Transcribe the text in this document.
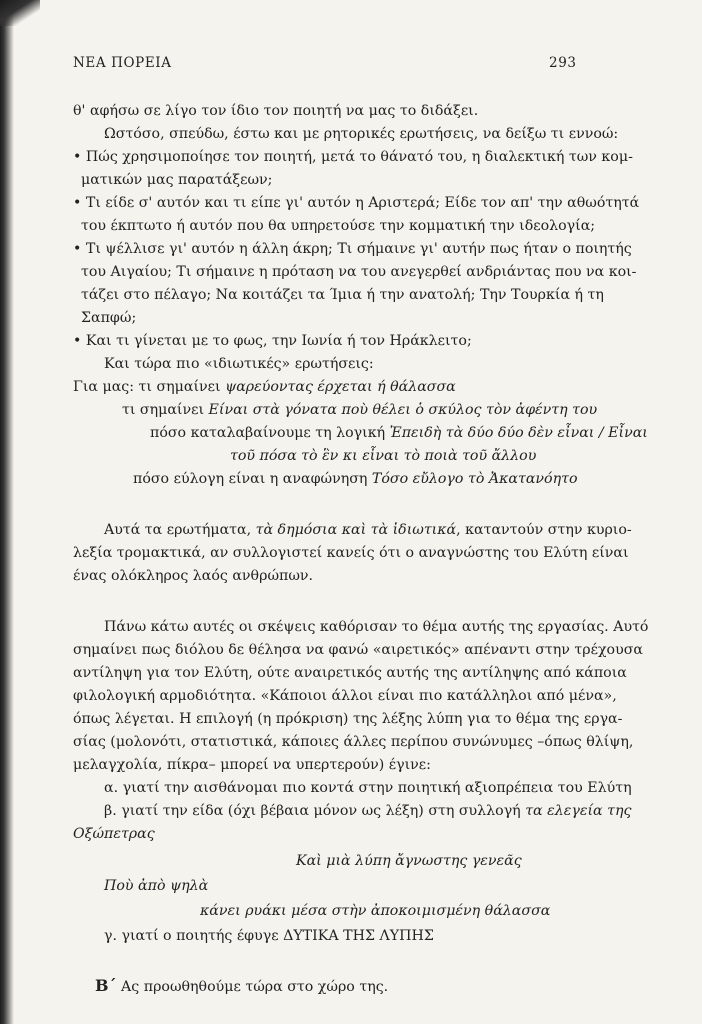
ΝΕΑ ΠΟΡΕΙΑ	293
θ' αφήσω σε λίγο τον ίδιο τον ποιητή να μας το διδάξει.
Ωστόσο, σπεύδω, έστω και με ρητορικές ερωτήσεις, να δείξω τι εννοώ:
• Πώς χρησιμοποίησε τον ποιητή, μετά το θάνατό του, η διαλεκτική των κομ-
ματικών μας παρατάξεων;
• Τι είδε σ' αυτόν και τι είπε γι' αυτόν η Αριστερά; Είδε τον απ' την αθωότητά
του έκπτωτο ή αυτόν που θα υπηρετούσε την κομματική την ιδεολογία;
• Τι ψέλλισε γι' αυτόν η άλλη άκρη; Τι σήμαινε γι' αυτήν πως ήταν ο ποιητής
του Αιγαίου; Τι σήμαινε η πρόταση να του ανεγερθεί ανδριάντας που να κοι-
τάζει στο πέλαγο; Να κοιτάζει τα Ίμια ή την ανατολή; Την Τουρκία ή τη
Σαπφώ;
• Και τι γίνεται με το φως, την Ιωνία ή τον Ηράκλειτο;
Και τώρα πιο «ιδιωτικές» ερωτήσεις:
Για μας: τι σημαίνει ψαρεύοντας έρχεται ή θάλασσα
τι σημαίνει Είναι στὰ γόνατα ποὺ θέλει ὁ σκύλος τὸν ἀφέντη του
πόσο καταλαβαίνουμε τη λογική Ἐπειδὴ τὰ δύο δύο δὲν εἶναι / Εἶναι
τοῦ πόσα τὸ ἓν κι εἶναι τὸ ποιὰ τοῦ ἄλλου
πόσο εύλογη είναι η αναφώνηση Τόσο εὔλογο τὸ Ἀκατανόητο
Αυτά τα ερωτήματα, τὰ δημόσια καὶ τὰ ἰδιωτικά, καταντούν στην κυριο-
λεξία τρομακτικά, αν συλλογιστεί κανείς ότι ο αναγνώστης του Ελύτη είναι
ένας ολόκληρος λαός ανθρώπων.
Πάνω κάτω αυτές οι σκέψεις καθόρισαν το θέμα αυτής της εργασίας. Αυτό
σημαίνει πως διόλου δε θέλησα να φανώ «αιρετικός» απέναντι στην τρέχουσα
αντίληψη για τον Ελύτη, ούτε αναιρετικός αυτής της αντίληψης από κάποια
φιλολογική αρμοδιότητα. «Κάποιοι άλλοι είναι πιο κατάλληλοι από μένα»,
όπως λέγεται. Η επιλογή (η πρόκριση) της λέξης λύπη για το θέμα της εργα-
σίας (μολονότι, στατιστικά, κάποιες άλλες περίπου συνώνυμες –όπως θλίψη,
μελαγχολία, πίκρα– μπορεί να υπερτερούν) έγινε:
α. γιατί την αισθάνομαι πιο κοντά στην ποιητική αξιοπρέπεια του Ελύτη
β. γιατί την είδα (όχι βέβαια μόνον ως λέξη) στη συλλογή τα ελεγεία της
Οξώπετρας
Καὶ μιὰ λύπη ἄγνωστης γενεᾶς
Ποὺ ἀπὸ ψηλὰ
κάνει ρυάκι μέσα στὴν ἀποκοιμισμένη θάλασσα
γ. γιατί ο ποιητής έφυγε ΔΥΤΙΚΑ ΤΗΣ ΛΥΠΗΣ
Β΄ Ας προωθηθούμε τώρα στο χώρο της.
